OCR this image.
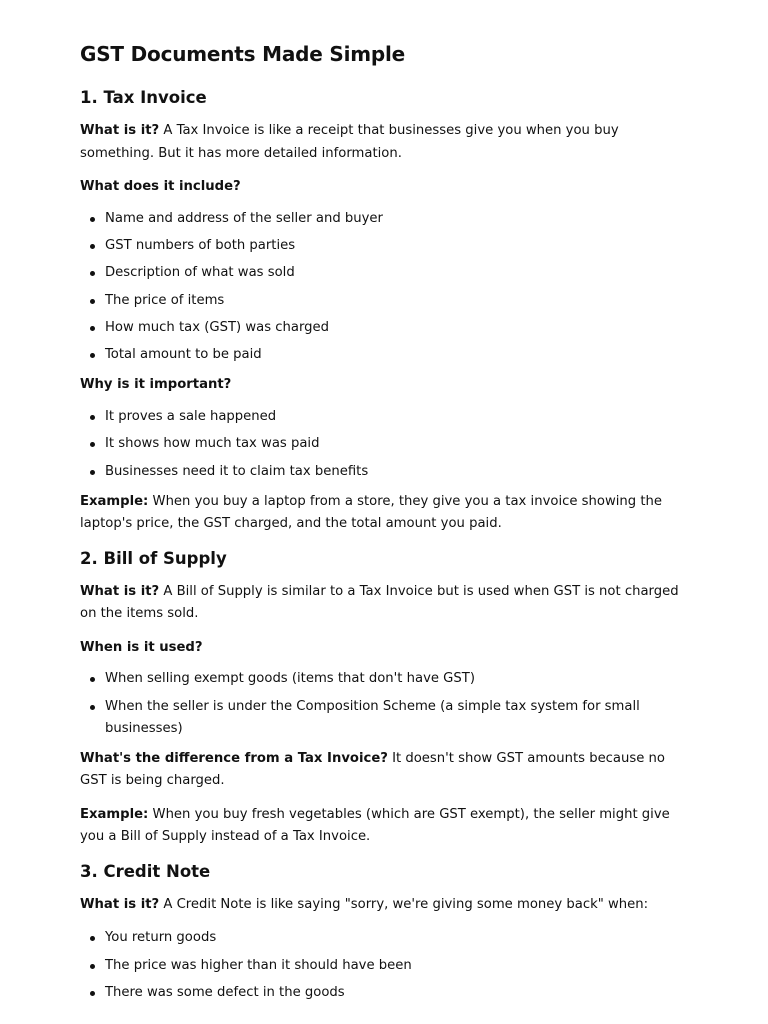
GST Documents Made Simple
1. Tax Invoice

What is it? A Tax Invoice is like a receipt that businesses give you when you buy something. But it has more detailed information.

What does it include?

Name and address of the seller and buyer
GST numbers of both parties
Description of what was sold
The price of items
How much tax (GST) was charged
Total amount to be paid

Why is it important?

It proves a sale happened
It shows how much tax was paid
Businesses need it to claim tax benefits

Example: When you buy a laptop from a store, they give you a tax invoice showing the laptop's price, the GST charged, and the total amount you paid.

2. Bill of Supply

What is it? A Bill of Supply is similar to a Tax Invoice but is used when GST is not charged on the items sold.

When is it used?

When selling exempt goods (items that don't have GST)
When the seller is under the Composition Scheme (a simple tax system for small businesses)

What's the difference from a Tax Invoice? It doesn't show GST amounts because no GST is being charged.

Example: When you buy fresh vegetables (which are GST exempt), the seller might give you a Bill of Supply instead of a Tax Invoice.

3. Credit Note

What is it? A Credit Note is like saying "sorry, we're giving some money back" when:

You return goods
The price was higher than it should have been
There was some defect in the goods
